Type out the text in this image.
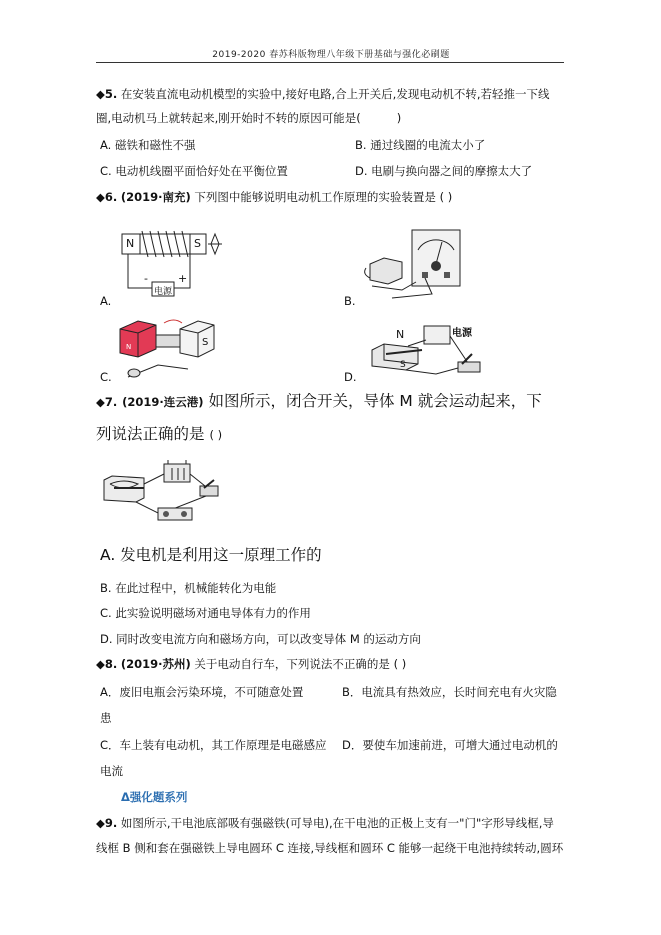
2019-2020 春苏科版物理八年级下册基础与强化必刷题
◆5. 在安装直流电动机模型的实验中,接好电路,合上开关后,发现电动机不转,若轻推一下线
圈,电动机马上就转起来,刚开始时不转的原因可能是(	)
A. 磁铁和磁性不强	B. 通过线圈的电流太小了
C. 电动机线圈平面恰好处在平衡位置	D. 电刷与换向器之间的摩擦太大了
◆6. (2019·南充) 下列图中能够说明电动机工作原理的实验装置是 ( )
N	S
-	+
电源
A.	B.
N	S
C.
N
S
电源
D.
◆7. (2019·连云港) 如图所示，闭合开关，导体 M 就会运动起来，下
列说法正确的是 ( )
A. 发电机是利用这一原理工作的
B. 在此过程中，机械能转化为电能
C. 此实验说明磁场对通电导体有力的作用
D. 同时改变电流方向和磁场方向，可以改变导体 M 的运动方向
◆8. (2019·苏州) 关于电动自行车，下列说法不正确的是 ( )
A．废旧电瓶会污染环境，不可随意处置	B．电流具有热效应，长时间充电有火灾隐
患
C．车上装有电动机，其工作原理是电磁感应 D．要使车加速前进，可增大通过电动机的
电流
Δ强化题系列
◆9. 如图所示,干电池底部吸有强磁铁(可导电),在干电池的正极上支有一"门"字形导线框,导
线框 B 侧和套在强磁铁上导电圆环 C 连接,导线框和圆环 C 能够一起绕干电池持续转动,圆环
